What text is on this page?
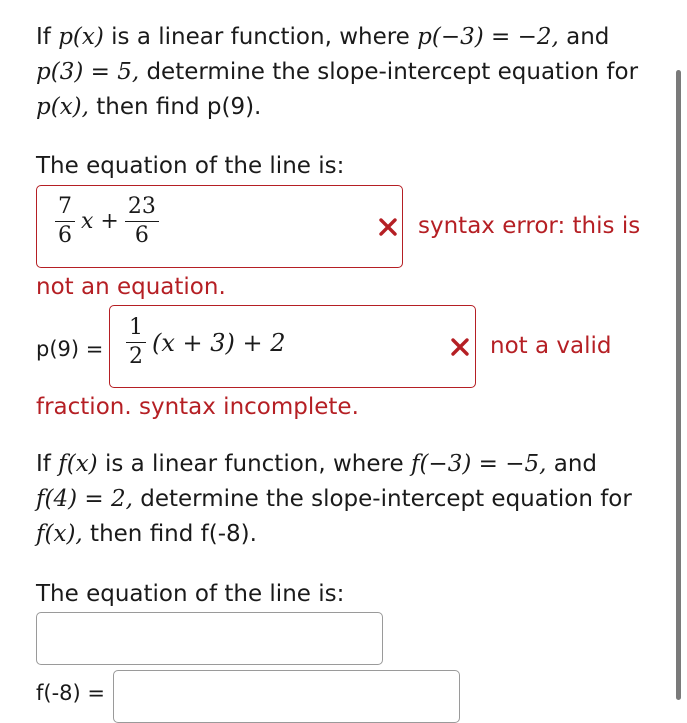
If p(x) is a linear function, where p(−3) = −2, and
p(3) = 5, determine the slope-intercept equation for
p(x), then find p(9).
The equation of the line is:
$\frac{7}{6}$ $x + \frac{23}{6}$	syntax error: this is
not an equation.
$p(9) = \frac{1}{2} (x + 3) + 2$	not a valid
fraction. syntax incomplete.
If f(x) is a linear function, where f(−3) = −5, and
f(4) = 2, determine the slope-intercept equation for
f(x), then find f(-8).
The equation of the line is:
f(-8) =
